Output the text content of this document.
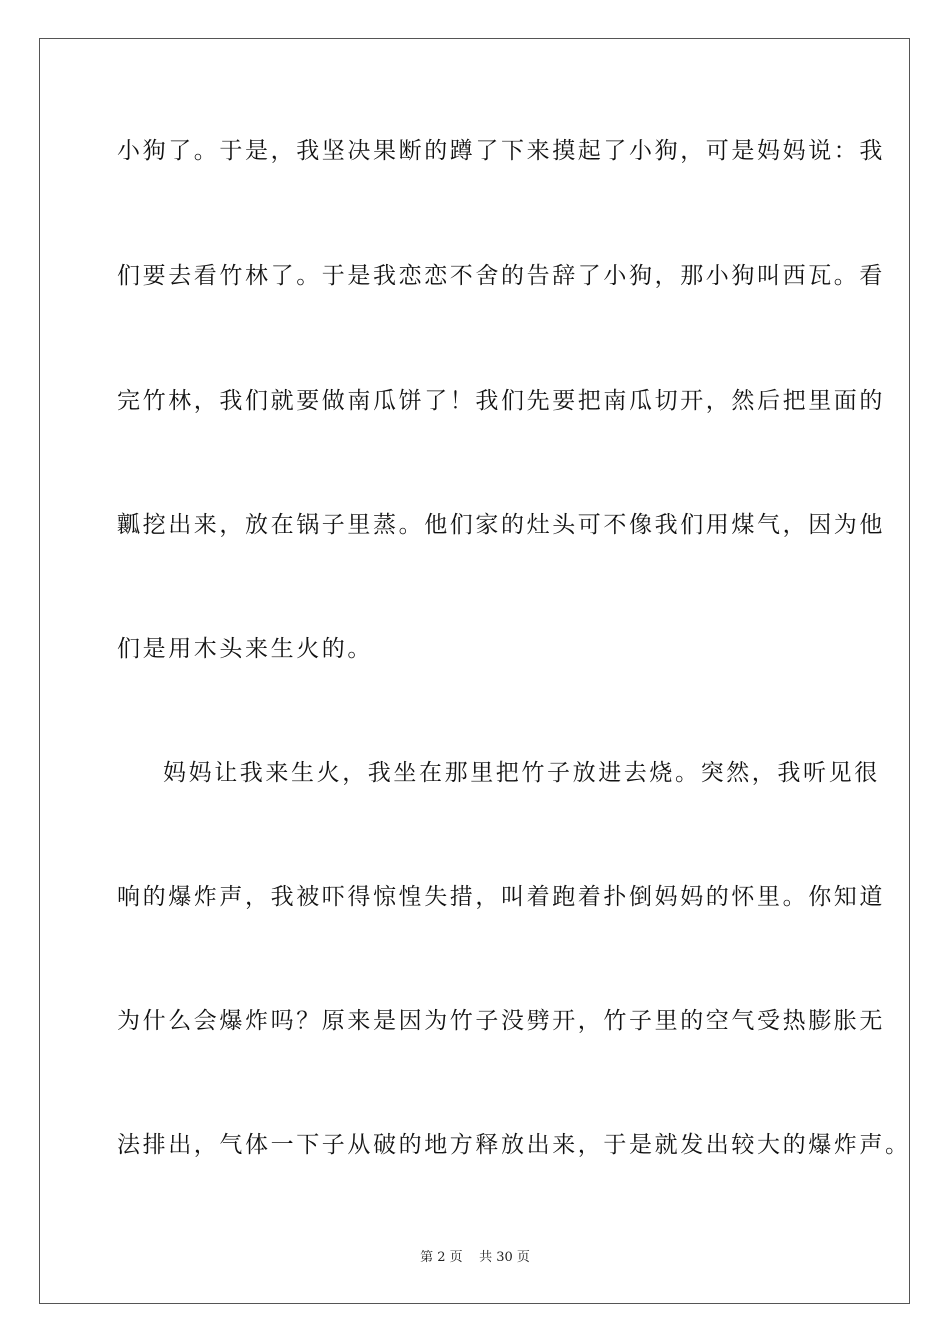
小狗了。于是，我坚决果断的蹲了下来摸起了小狗，可是妈妈说：我
们要去看竹林了。于是我恋恋不舍的告辞了小狗，那小狗叫西瓦。看
完竹林，我们就要做南瓜饼了！我们先要把南瓜切开，然后把里面的
瓤挖出来，放在锅子里蒸。他们家的灶头可不像我们用煤气，因为他
们是用木头来生火的。
妈妈让我来生火，我坐在那里把竹子放进去烧。突然，我听见很
响的爆炸声，我被吓得惊惶失措，叫着跑着扑倒妈妈的怀里。你知道
为什么会爆炸吗？原来是因为竹子没劈开，竹子里的空气受热膨胀无
法排出，气体一下子从破的地方释放出来，于是就发出较大的爆炸声。
第 2 页    共 30 页
